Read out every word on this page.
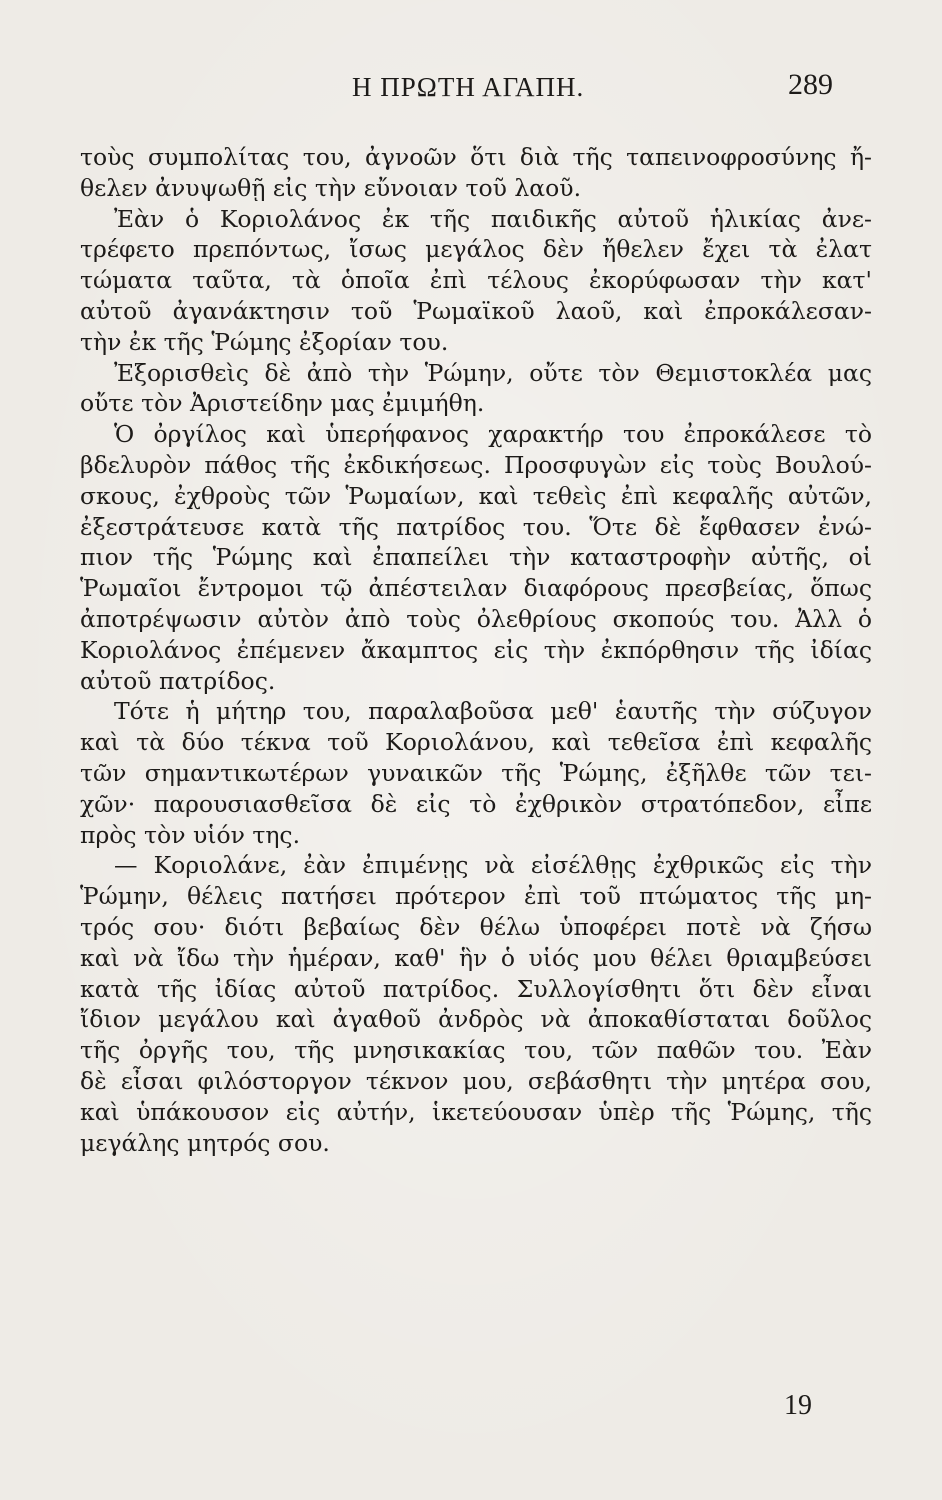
Η ΠΡΩΤΗ ΑΓΑΠΗ.	289
τοὺς συμπολίτας του, ἀγνοῶν ὅτι διὰ τῆς ταπεινοφροσύνης ἤ-
θελεν ἀνυψωθῇ εἰς τὴν εὔνοιαν τοῦ λαοῦ.
Ἐὰν ὁ Κοριολάνος ἐκ τῆς παιδικῆς αὐτοῦ ἡλικίας ἀνε-
τρέφετο πρεπόντως, ἴσως μεγάλος δὲν ἤθελεν ἔχει τὰ ἐλατ
τώματα ταῦτα, τὰ ὁποῖα ἐπὶ τέλους ἐκορύφωσαν τὴν κατ'
αὐτοῦ ἀγανάκτησιν τοῦ Ῥωμαϊκοῦ λαοῦ, καὶ ἐπροκάλεσαν-
τὴν ἐκ τῆς Ῥώμης ἐξορίαν του.
Ἐξορισθεὶς δὲ ἀπὸ τὴν Ῥώμην, οὔτε τὸν Θεμιστοκλέα μας
οὔτε τὸν Ἀριστείδην μας ἐμιμήθη.
Ὁ ὀργίλος καὶ ὑπερήφανος χαρακτήρ του ἐπροκάλεσε τὸ
βδελυρὸν πάθος τῆς ἐκδικήσεως. Προσφυγὼν εἰς τοὺς Βουλού-
σκους, ἐχθροὺς τῶν Ῥωμαίων, καὶ τεθεὶς ἐπὶ κεφαλῆς αὐτῶν,
ἐξεστράτευσε κατὰ τῆς πατρίδος του. Ὅτε δὲ ἔφθασεν ἐνώ-
πιον τῆς Ῥώμης καὶ ἐπαπείλει τὴν καταστροφὴν αὐτῆς, οἱ
Ῥωμαῖοι ἔντρομοι τῷ ἀπέστειλαν διαφόρους πρεσβείας, ὅπως
ἀποτρέψωσιν αὐτὸν ἀπὸ τοὺς ὀλεθρίους σκοπούς του. Ἀλλ ὁ
Κοριολάνος ἐπέμενεν ἄκαμπτος εἰς τὴν ἐκπόρθησιν τῆς ἰδίας
αὐτοῦ πατρίδος.
Τότε ἡ μήτηρ του, παραλαβοῦσα μεθ' ἑαυτῆς τὴν σύζυγον
καὶ τὰ δύο τέκνα τοῦ Κοριολάνου, καὶ τεθεῖσα ἐπὶ κεφαλῆς
τῶν σημαντικωτέρων γυναικῶν τῆς Ῥώμης, ἐξῆλθε τῶν τει-
χῶν· παρουσιασθεῖσα δὲ εἰς τὸ ἐχθρικὸν στρατόπεδον, εἶπε
πρὸς τὸν υἱόν της.
— Κοριολάνε, ἐὰν ἐπιμένῃς νὰ εἰσέλθῃς ἐχθρικῶς εἰς τὴν
Ῥώμην, θέλεις πατήσει πρότερον ἐπὶ τοῦ πτώματος τῆς μη-
τρός σου· διότι βεβαίως δὲν θέλω ὑποφέρει ποτὲ νὰ ζήσω
καὶ νὰ ἴδω τὴν ἡμέραν, καθ' ἣν ὁ υἱός μου θέλει θριαμβεύσει
κατὰ τῆς ἰδίας αὐτοῦ πατρίδος. Συλλογίσθητι ὅτι δὲν εἶναι
ἴδιον μεγάλου καὶ ἀγαθοῦ ἀνδρὸς νὰ ἀποκαθίσταται δοῦλος
τῆς ὀργῆς του, τῆς μνησικακίας του, τῶν παθῶν του. Ἐὰν
δὲ εἶσαι φιλόστοργον τέκνον μου, σεβάσθητι τὴν μητέρα σου,
καὶ ὑπάκουσον εἰς αὐτήν, ἱκετεύουσαν ὑπὲρ τῆς Ῥώμης, τῆς
μεγάλης μητρός σου.
19
